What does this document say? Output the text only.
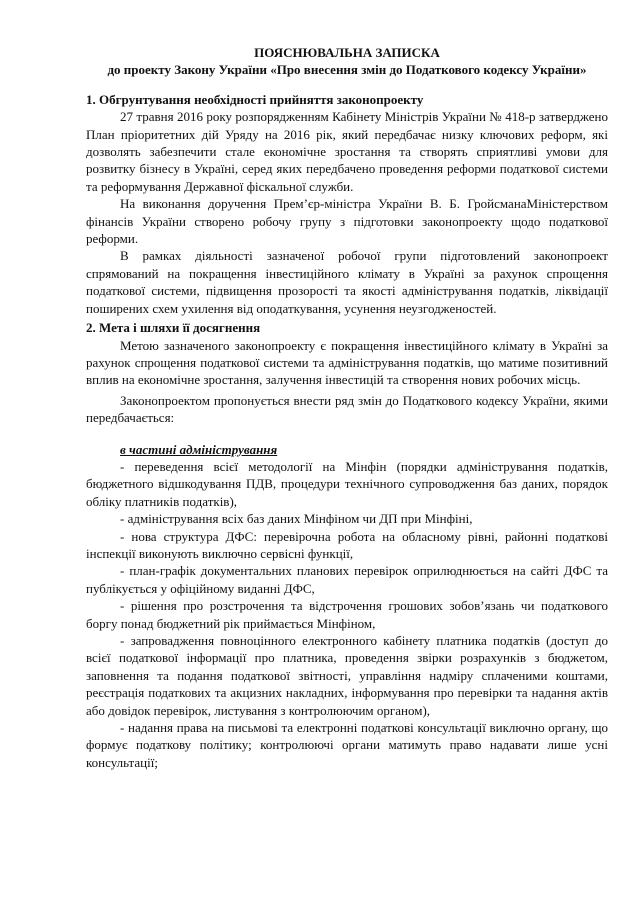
ПОЯСНЮВАЛЬНА ЗАПИСКА
до проекту Закону України «Про внесення змін до Податкового кодексу України»
1. Обгрунтування необхідності прийняття законопроекту
27 травня 2016 року розпорядженням Кабінету Міністрів України № 418-р затверджено План пріоритетних дій Уряду на 2016 рік, який передбачає низку ключових реформ, які дозволять забезпечити сталe економічне зростання та створять сприятливі умови для розвитку бізнесу в Україні, серед яких передбачено проведення реформи податкової системи та реформування Державної фіскальної служби.
На виконання доручення Прем’єр-міністра України В. Б. ГройсманаМіністерством фінансів України створено робочу групу з підготовки законопроекту щодо податкової реформи.
В рамках діяльності зазначеної робочої групи підготовлений законопроект спрямований на покращення інвестиційного клімату в Україні за рахунок спрощення податкової системи, підвищення прозорості та якості адміністрування податків, ліквідації поширених схем ухилення від оподаткування, усунення неузгодженостей.
2. Мета і шляхи її досягнення
Метою зазначеного законопроекту є покращення інвестиційного клімату в Україні за рахунок спрощення податкової системи та адміністрування податків, що матиме позитивний вплив на економічне зростання, залучення інвестицій та створення нових робочих місць.
Законопроектом пропонується внести ряд змін до Податкового кодексу України, якими передбачається:
в частині адміністрування
- переведення всієї методології на Мінфін (порядки адміністрування податків, бюджетного відшкодування ПДВ, процедури технічного супроводження баз даних, порядок обліку платників податків),
- адміністрування всіх баз даних Мінфіном чи ДП при Мінфіні,
- нова структура ДФС: перевірочна робота на обласному рівні, районні податкові інспекції виконують виключно сервісні функції,
- план-графік документальних планових перевірок оприлюднюється на сайті ДФС та публікується у офіційному виданні ДФС,
- рішення про розстрочення та відстрочення грошових зобов’язань чи податкового боргу понад бюджетний рік приймається Мінфіном,
- запровадження повноцінного електронного кабінету платника податків (доступ до всієї податкової інформації про платника, проведення звірки розрахунків з бюджетом, заповнення та подання податкової звітності, управління надміру сплаченими коштами, реєстрація податкових та акцизних накладних, інформування про перевірки та надання актів або довідок перевірок, листування з контролюючим органом),
- надання права на письмові та електронні податкові консультації виключно органу, що формує податкову політику; контролюючі органи матимуть право надавати лише усні консультації;
